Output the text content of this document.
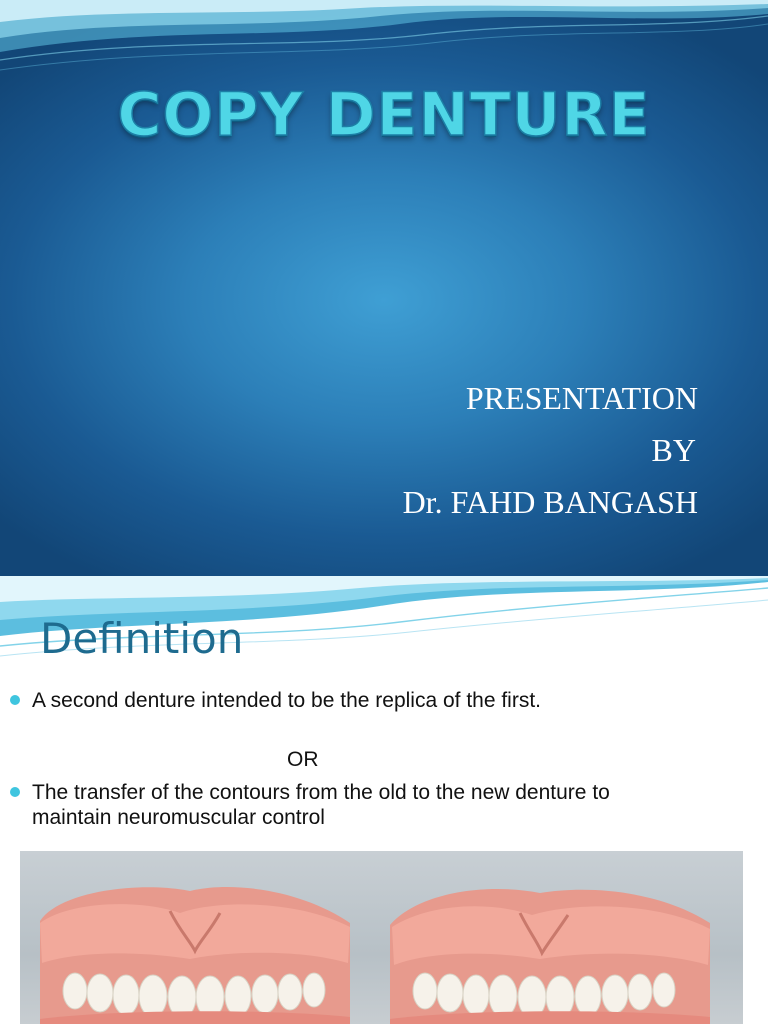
COPY DENTURE
PRESENTATION
BY
Dr. FAHD BANGASH
Definition
A second denture intended to be the replica of the first.
OR
The transfer of the contours from the old to the new denture to maintain neuromuscular control
